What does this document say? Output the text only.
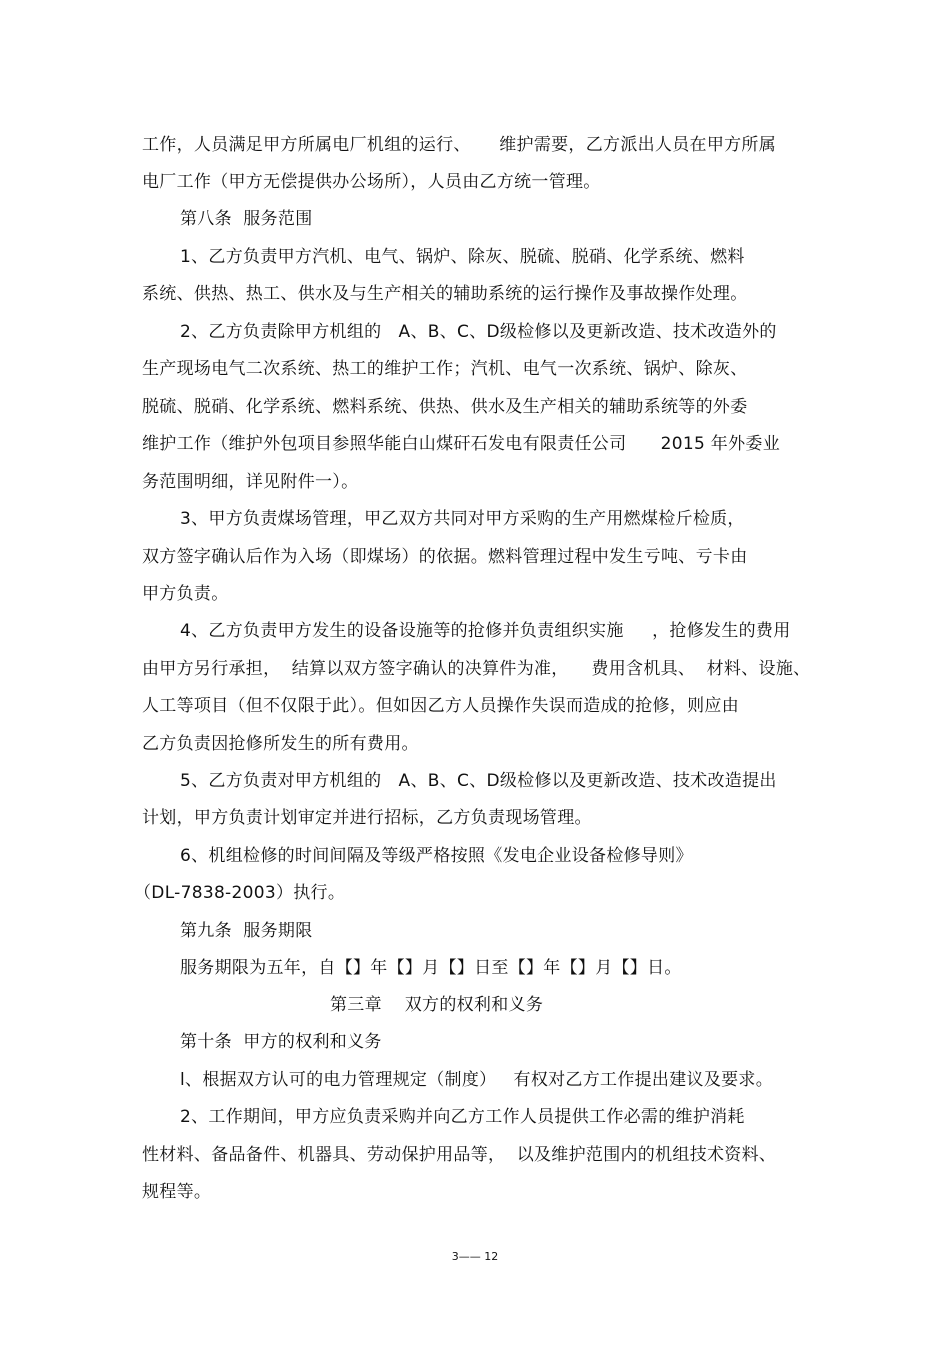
工作，人员满足甲方所属电厂机组的运行、     维护需要，乙方派出人员在甲方所属
电厂工作（甲方无偿提供办公场所），人员由乙方统一管理。
第八条  服务范围
1、乙方负责甲方汽机、电气、锅炉、除灰、脱硫、脱硝、化学系统、燃料
系统、供热、热工、供水及与生产相关的辅助系统的运行操作及事故操作处理。
2、乙方负责除甲方机组的   A、B、C、D级检修以及更新改造、技术改造外的
生产现场电气二次系统、热工的维护工作；汽机、电气一次系统、锅炉、除灰、
脱硫、脱硝、化学系统、燃料系统、供热、供水及生产相关的辅助系统等的外委
维护工作（维护外包项目参照华能白山煤矸石发电有限责任公司      2015 年外委业
务范围明细，详见附件一）。
3、甲方负责煤场管理，甲乙双方共同对甲方采购的生产用燃煤检斤检质，
双方签字确认后作为入场（即煤场）的依据。燃料管理过程中发生亏吨、亏卡由
甲方负责。
4、乙方负责甲方发生的设备设施等的抢修并负责组织实施     ，抢修发生的费用
由甲方另行承担，  结算以双方签字确认的决算件为准，    费用含机具、  材料、设施、
人工等项目（但不仅限于此）。但如因乙方人员操作失误而造成的抢修，则应由
乙方负责因抢修所发生的所有费用。
5、乙方负责对甲方机组的   A、B、C、D级检修以及更新改造、技术改造提出
计划，甲方负责计划审定并进行招标，乙方负责现场管理。
6、机组检修的时间间隔及等级严格按照《发电企业设备检修导则》
（DL-7838-2003）执行。
第九条  服务期限
服务期限为五年，自【】年【】月【】日至【】年【】月【】日。
第三章    双方的权利和义务
第十条  甲方的权利和义务
l、根据双方认可的电力管理规定（制度）   有权对乙方工作提出建议及要求。
2、工作期间，甲方应负责采购并向乙方工作人员提供工作必需的维护消耗
性材料、备品备件、机器具、劳动保护用品等，  以及维护范围内的机组技术资料、
规程等。
3—— 12
